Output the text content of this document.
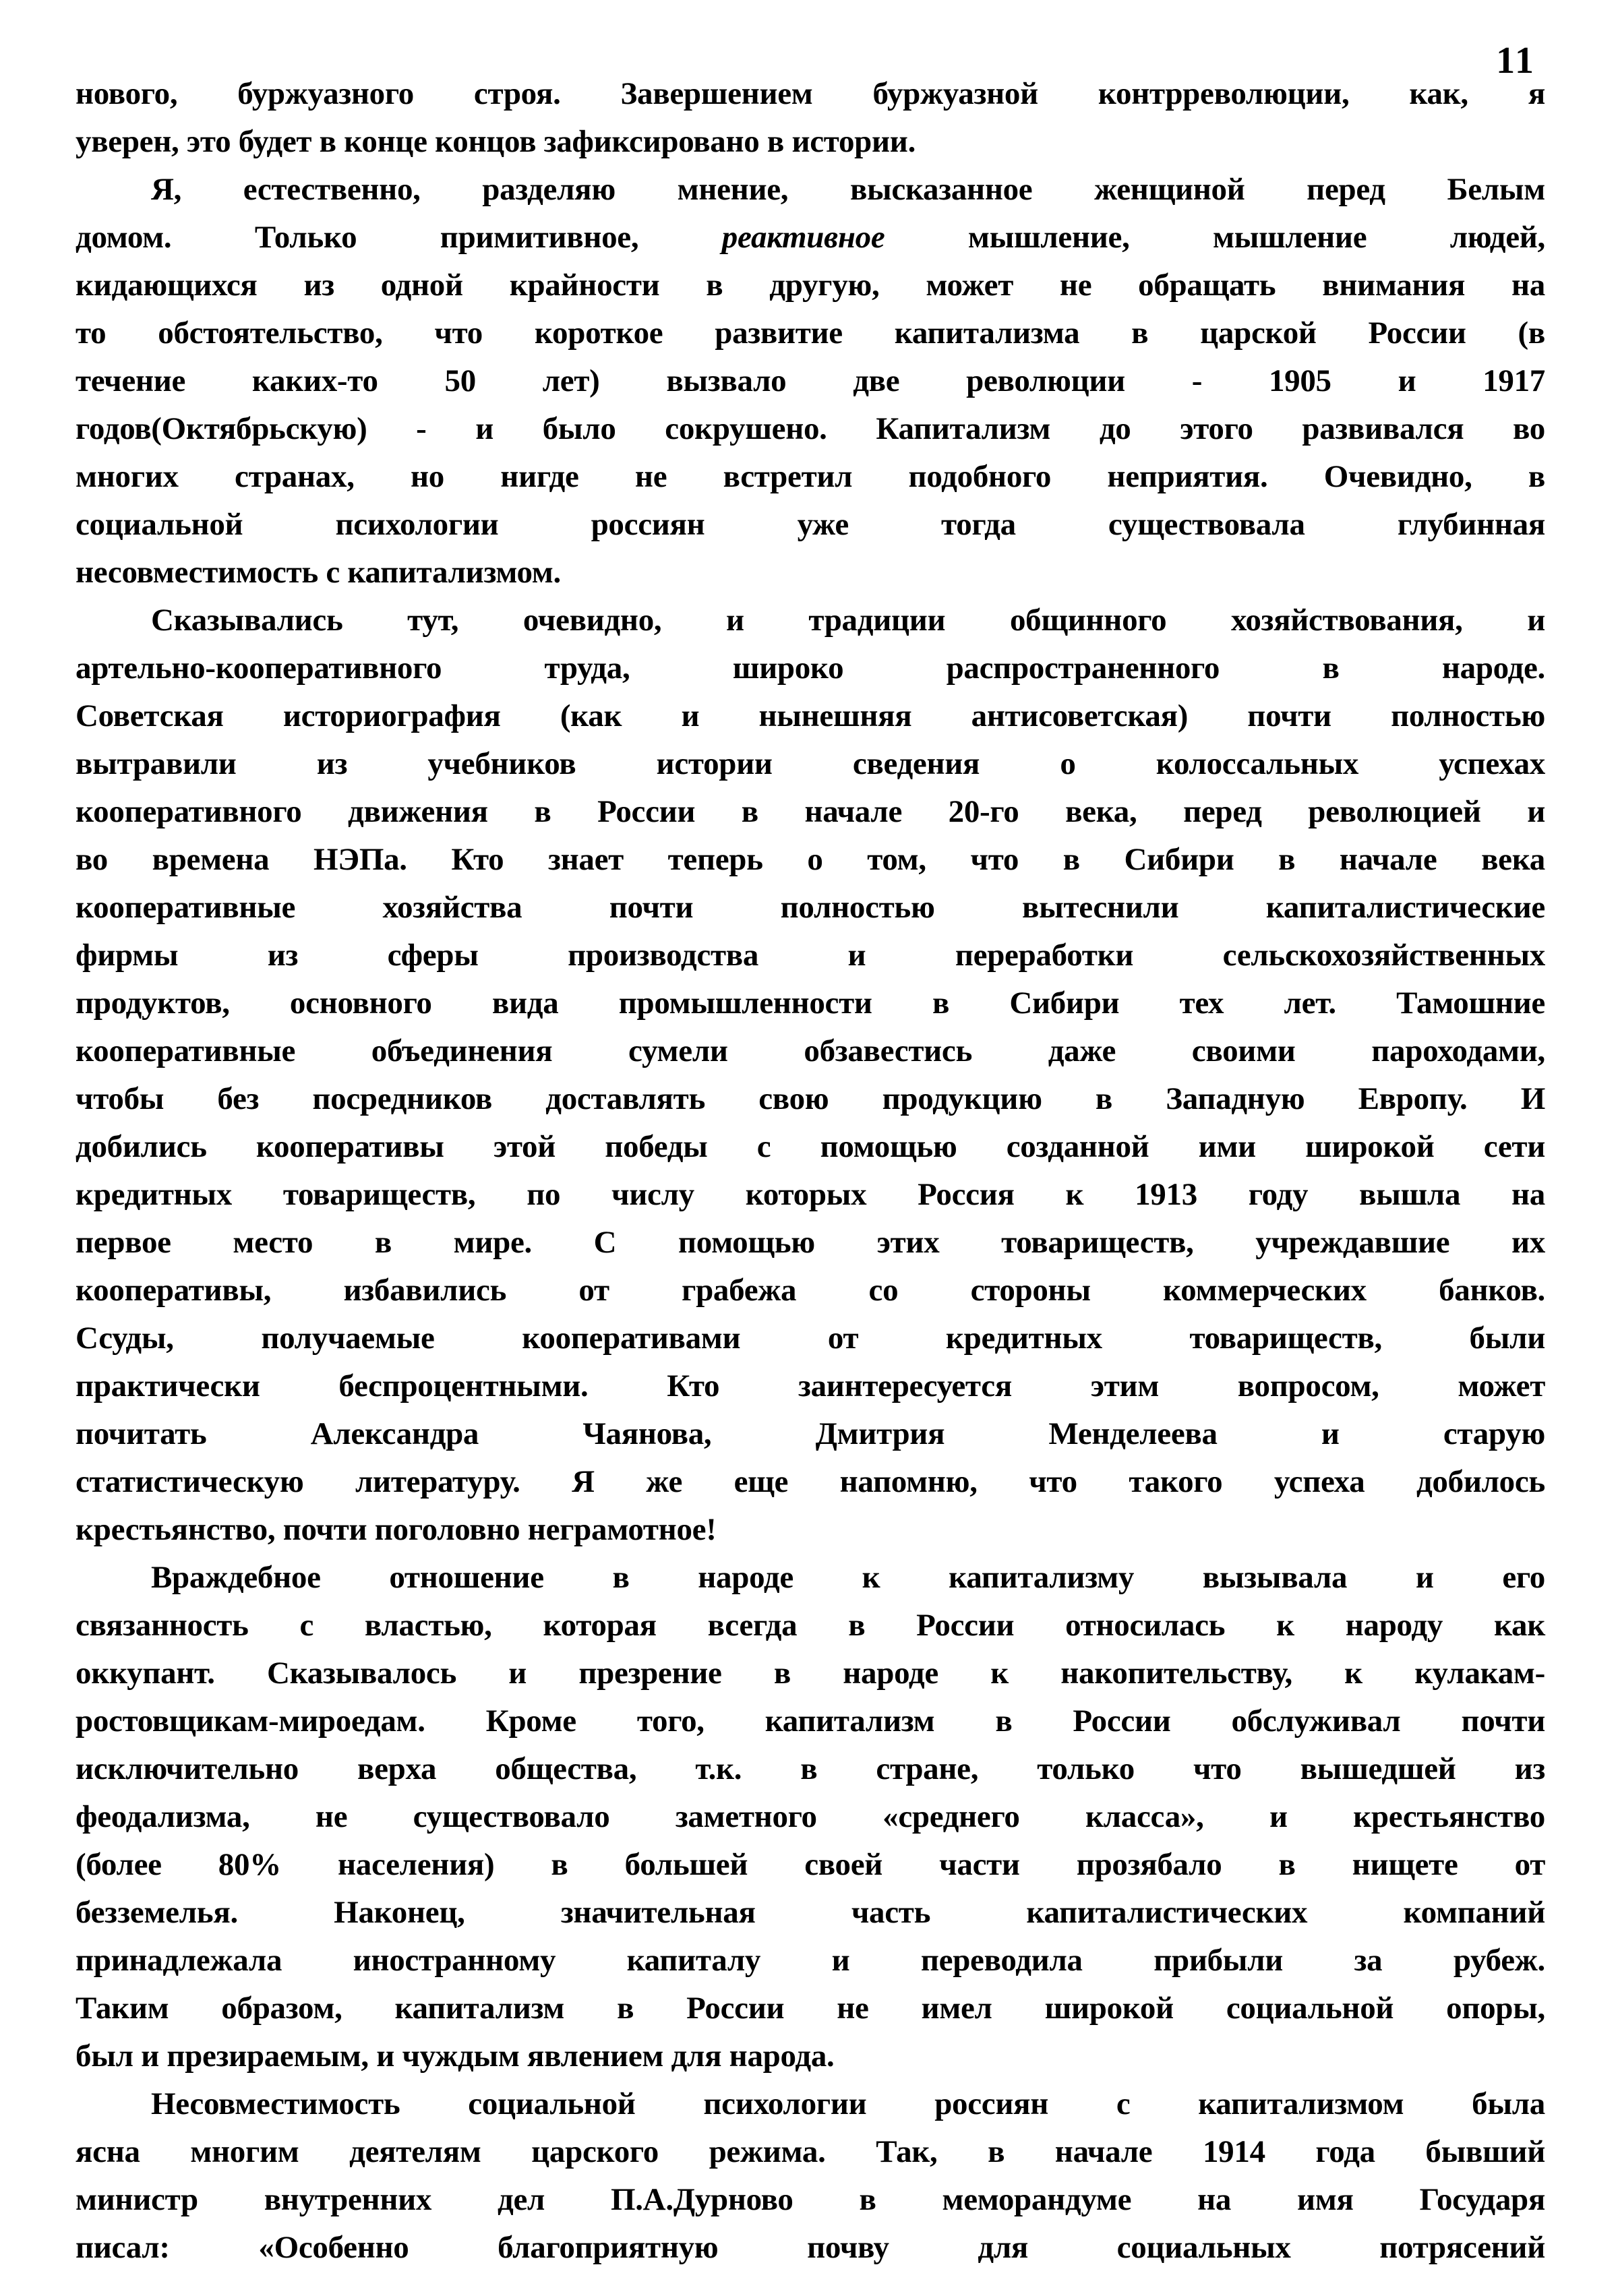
11
нового, буржуазного строя. Завершением буржуазной контрреволюции, как, я
уверен, это будет в конце концов зафиксировано в истории.
Я, естественно, разделяю мнение, высказанное женщиной перед Белым
домом. Только примитивное, реактивное мышление, мышление людей,
кидающихся из одной крайности в другую, может не обращать внимания на
то обстоятельство, что короткое развитие капитализма в царской России (в
течение каких-то 50 лет) вызвало две революции - 1905 и 1917
годов(Октябрьскую) - и было сокрушено. Капитализм до этого развивался во
многих странах, но нигде не встретил подобного неприятия. Очевидно, в
социальной психологии россиян уже тогда существовала глубинная
несовместимость с капитализмом.
Сказывались тут, очевидно, и традиции общинного хозяйствования, и
артельно-кооперативного труда, широко распространенного в народе.
Советская историография (как и нынешняя антисоветская) почти полностью
вытравили из учебников истории сведения о колоссальных успехах
кооперативного движения в России в начале 20-го века, перед революцией и
во времена НЭПа. Кто знает теперь о том, что в Сибири в начале века
кооперативные хозяйства почти полностью вытеснили капиталистические
фирмы из сферы производства и переработки сельскохозяйственных
продуктов, основного вида промышленности в Сибири тех лет. Тамошние
кооперативные объединения сумели обзавестись даже своими пароходами,
чтобы без посредников доставлять свою продукцию в Западную Европу. И
добились кооперативы этой победы с помощью созданной ими широкой сети
кредитных товариществ, по числу которых Россия к 1913 году вышла на
первое место в мире. С помощью этих товариществ, учреждавшие их
кооперативы, избавились от грабежа со стороны коммерческих банков.
Ссуды, получаемые кооперативами от кредитных товариществ, были
практически беспроцентными. Кто заинтересуется этим вопросом, может
почитать Александра Чаянова, Дмитрия Менделеева и старую
статистическую литературу. Я же еще напомню, что такого успеха добилось
крестьянство, почти поголовно неграмотное!
Враждебное отношение в народе к капитализму вызывала и его
связанность с властью, которая всегда в России относилась к народу как
оккупант. Сказывалось и презрение в народе к накопительству, к кулакам-
ростовщикам-мироедам. Кроме того, капитализм в России обслуживал почти
исключительно верха общества, т.к. в стране, только что вышедшей из
феодализма, не существовало заметного «среднего класса», и крестьянство
(более 80% населения) в большей своей части прозябало в нищете от
безземелья. Наконец, значительная часть капиталистических компаний
принадлежала иностранному капиталу и переводила прибыли за рубеж.
Таким образом, капитализм в России не имел широкой социальной опоры,
был и презираемым, и чуждым явлением для народа.
Несовместимость социальной психологии россиян с капитализмом была
ясна многим деятелям царского режима. Так, в начале 1914 года бывший
министр внутренних дел П.А.Дурново в меморандуме на имя Государя
писал: «Особенно благоприятную почву для социальных потрясений
